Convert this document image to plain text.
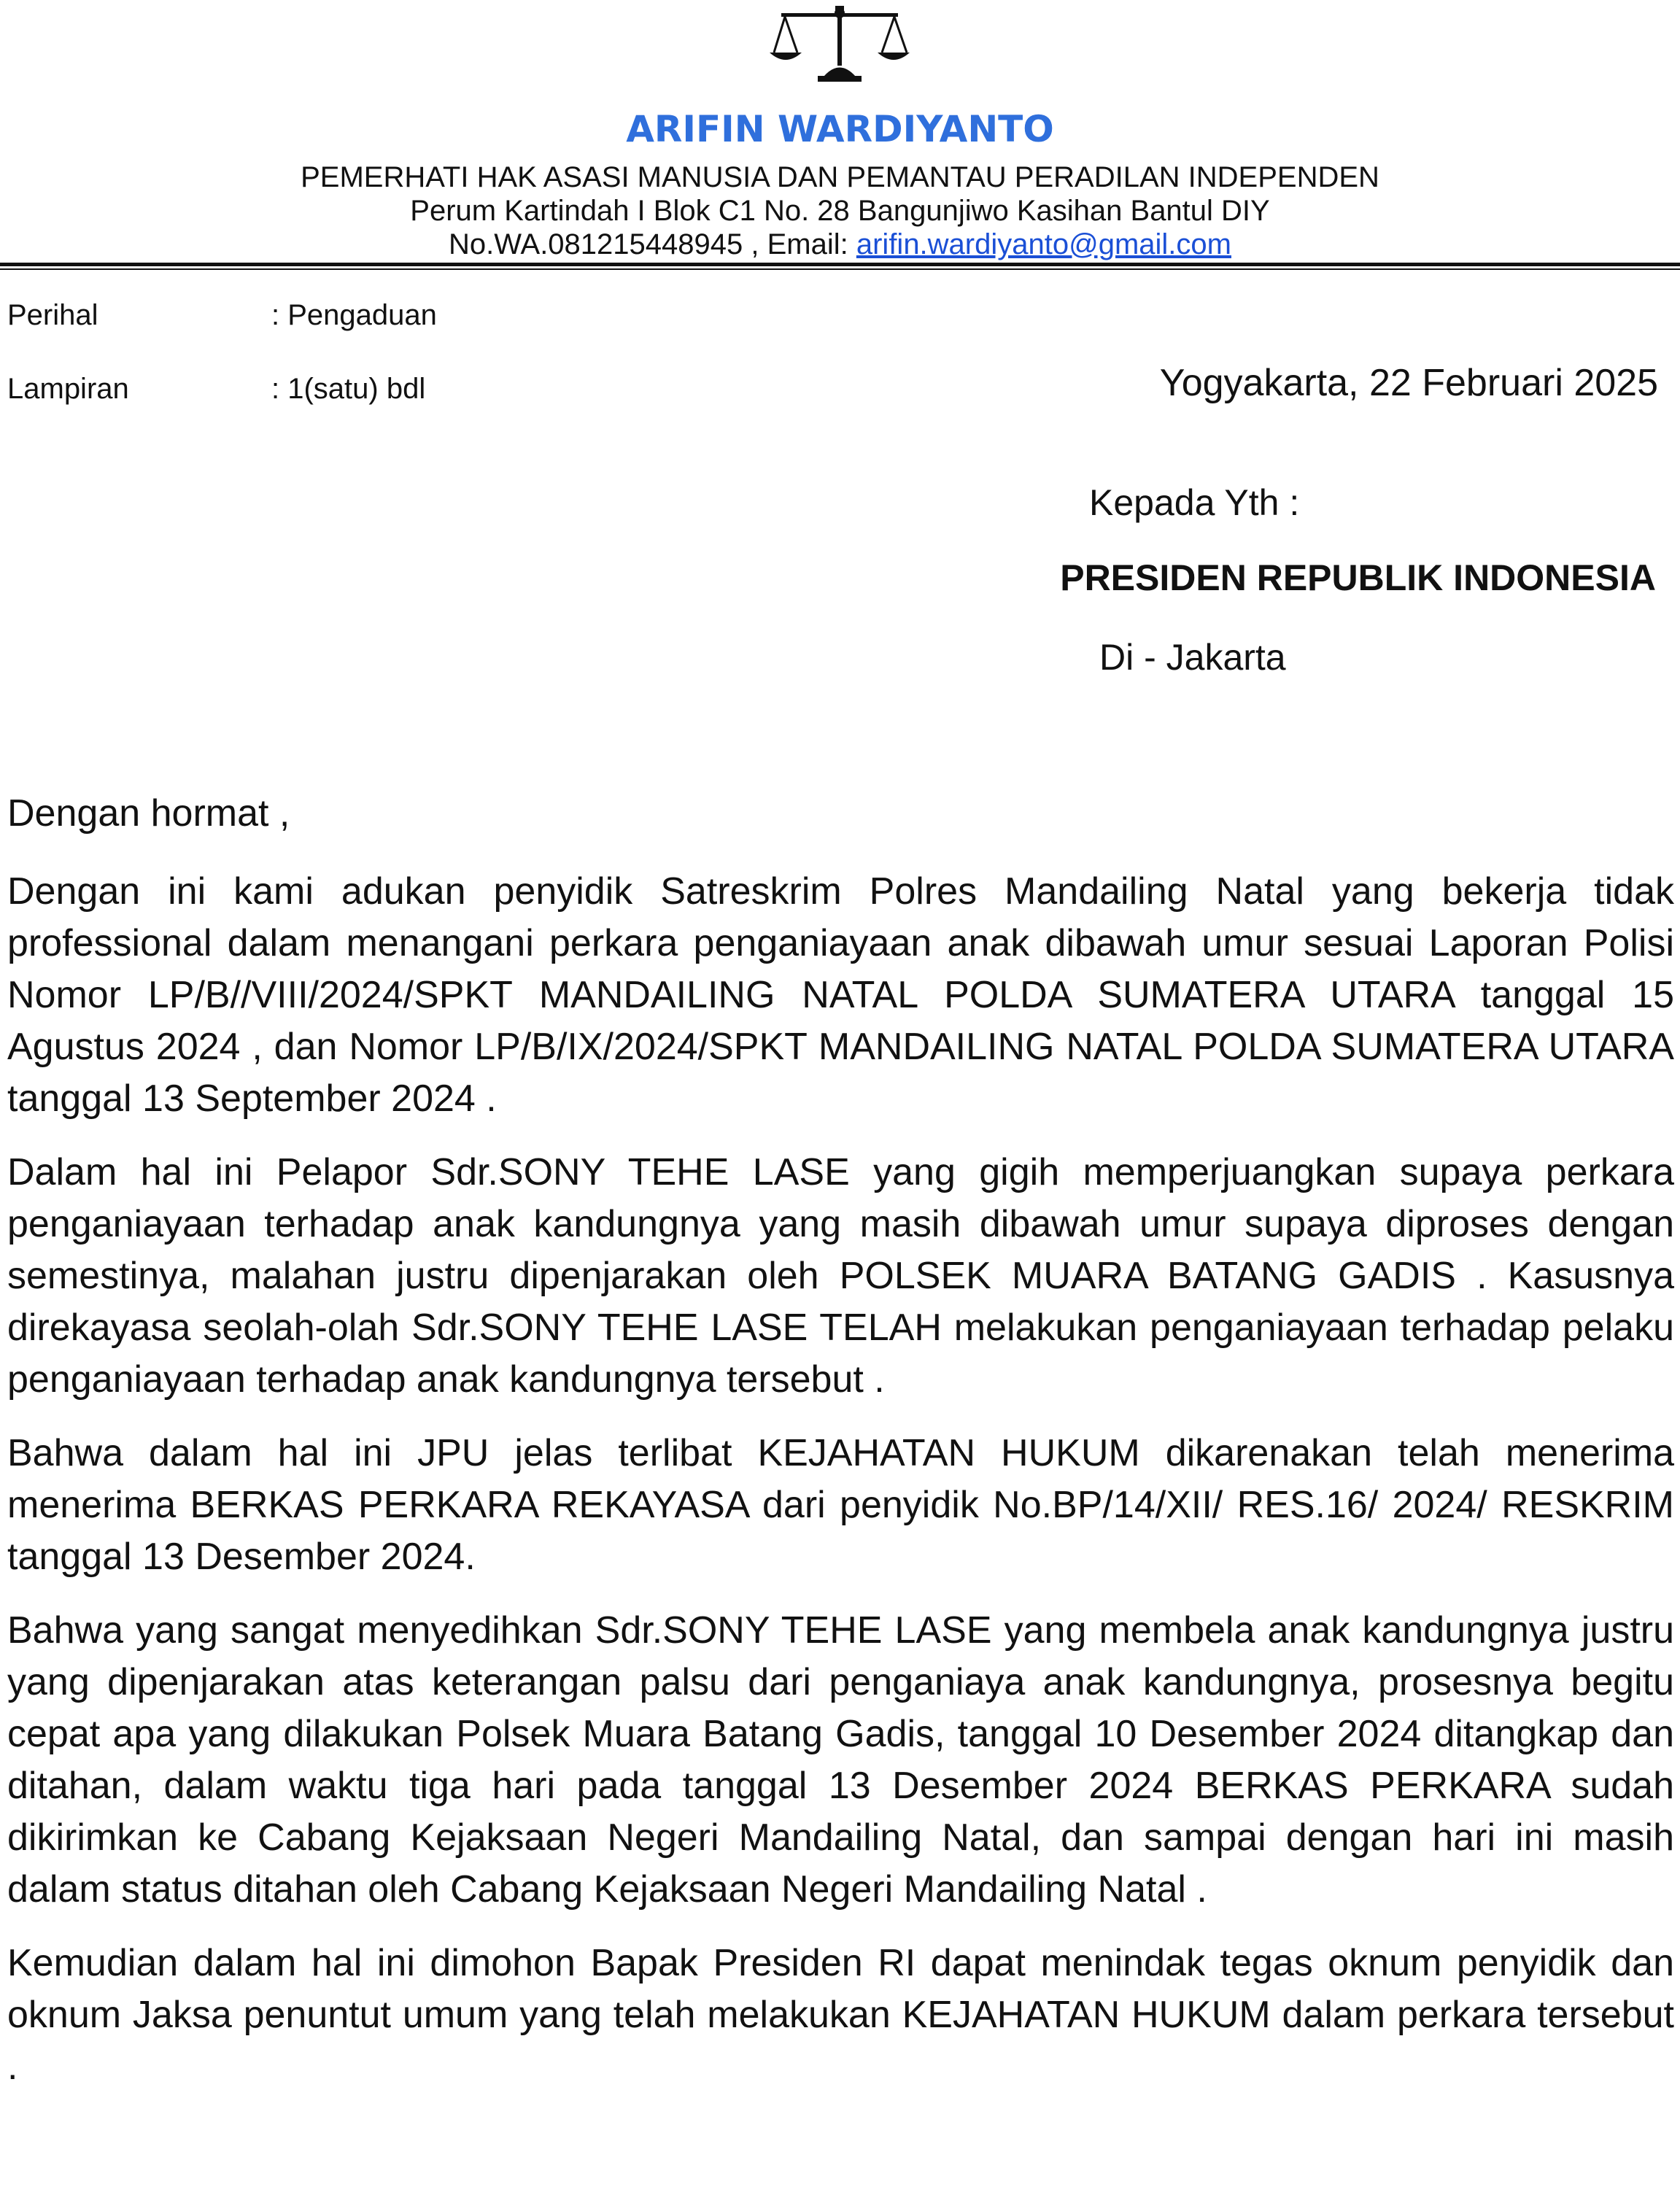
ARIFIN WARDIYANTO
PEMERHATI HAK ASASI MANUSIA DAN PEMANTAU PERADILAN INDEPENDEN
Perum Kartindah I Blok C1 No. 28 Bangunjiwo Kasihan Bantul DIY
No.WA.081215448945 , Email: arifin.wardiyanto@gmail.com
Perihal	: Pengaduan
Lampiran	: 1(satu) bdl	Yogyakarta, 22 Februari 2025
Kepada Yth :
PRESIDEN REPUBLIK INDONESIA
Di - Jakarta
Dengan hormat ,

Dengan ini kami adukan penyidik Satreskrim Polres Mandailing Natal yang bekerja tidak professional dalam menangani perkara penganiayaan anak dibawah umur sesuai Laporan Polisi Nomor LP/B//VIII/2024/SPKT MANDAILING NATAL POLDA SUMATERA UTARA tanggal 15 Agustus 2024 , dan Nomor LP/B/IX/2024/SPKT MANDAILING NATAL POLDA SUMATERA UTARA tanggal 13 September 2024 .

Dalam hal ini Pelapor Sdr.SONY TEHE LASE yang gigih memperjuangkan supaya perkara penganiayaan terhadap anak kandungnya yang masih dibawah umur supaya diproses dengan semestinya, malahan justru dipenjarakan oleh POLSEK MUARA BATANG GADIS . Kasusnya direkayasa seolah-olah Sdr.SONY TEHE LASE TELAH melakukan penganiayaan terhadap pelaku penganiayaan terhadap anak kandungnya tersebut .

Bahwa dalam hal ini JPU jelas terlibat KEJAHATAN HUKUM dikarenakan telah menerima menerima BERKAS PERKARA REKAYASA dari penyidik No.BP/14/XII/ RES.16/ 2024/ RESKRIM tanggal 13 Desember 2024.

Bahwa yang sangat menyedihkan Sdr.SONY TEHE LASE yang membela anak kandungnya justru yang dipenjarakan atas keterangan palsu dari penganiaya anak kandungnya, prosesnya begitu cepat apa yang dilakukan Polsek Muara Batang Gadis, tanggal 10 Desember 2024 ditangkap dan ditahan, dalam waktu tiga hari pada tanggal 13 Desember 2024 BERKAS PERKARA sudah dikirimkan ke Cabang Kejaksaan Negeri Mandailing Natal, dan sampai dengan hari ini masih dalam status ditahan oleh Cabang Kejaksaan Negeri Mandailing Natal .

Kemudian dalam hal ini dimohon Bapak Presiden RI dapat menindak tegas oknum penyidik dan oknum Jaksa penuntut umum yang telah melakukan KEJAHATAN HUKUM dalam perkara tersebut .
